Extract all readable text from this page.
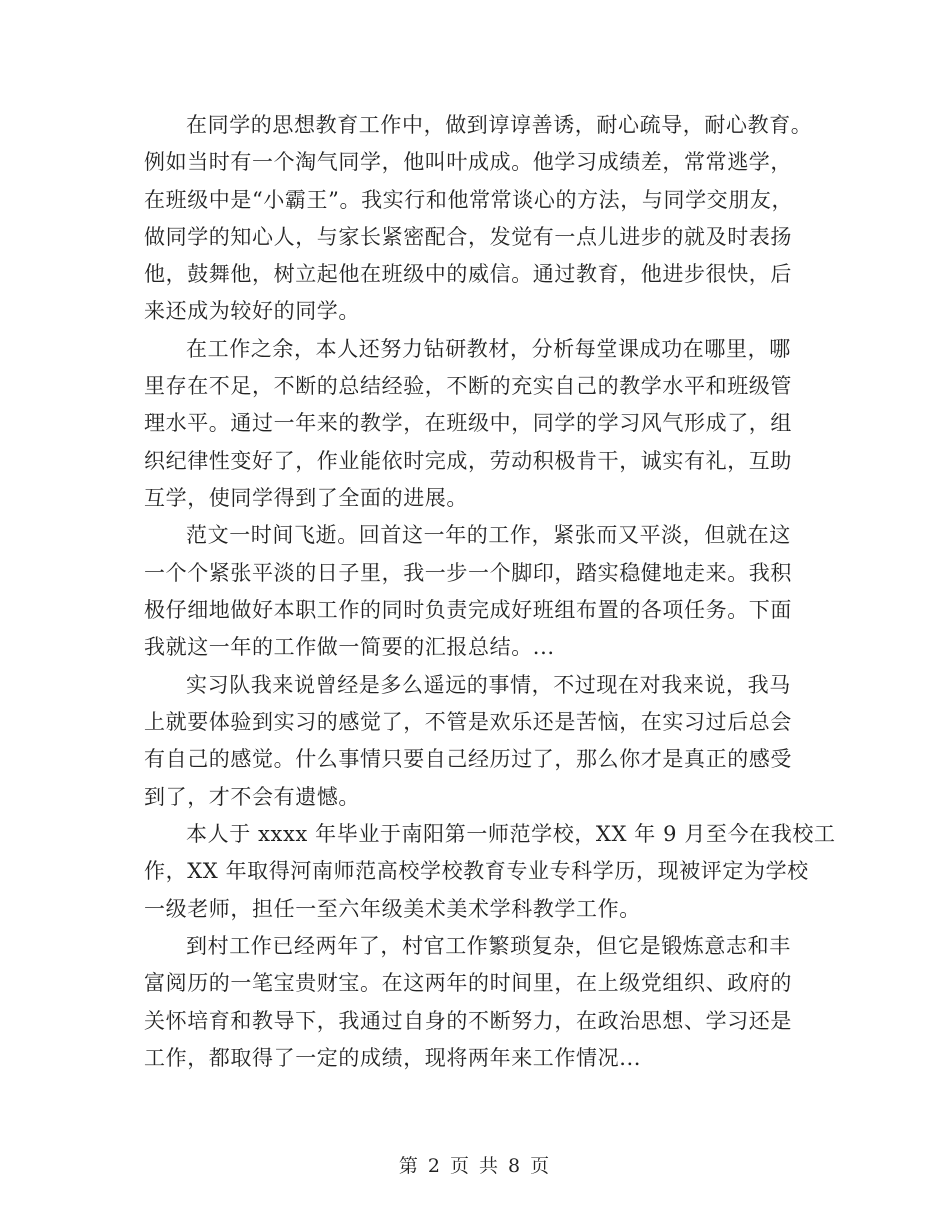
在同学的思想教育工作中，做到谆谆善诱，耐心疏导，耐心教育。
例如当时有一个淘气同学，他叫叶成成。他学习成绩差，常常逃学，
在班级中是“小霸王”。我实行和他常常谈心的方法，与同学交朋友，
做同学的知心人，与家长紧密配合，发觉有一点儿进步的就及时表扬
他，鼓舞他，树立起他在班级中的威信。通过教育，他进步很快，后
来还成为较好的同学。
在工作之余，本人还努力钻研教材，分析每堂课成功在哪里，哪
里存在不足，不断的总结经验，不断的充实自己的教学水平和班级管
理水平。通过一年来的教学，在班级中，同学的学习风气形成了，组
织纪律性变好了，作业能依时完成，劳动积极肯干，诚实有礼，互助
互学，使同学得到了全面的进展。
范文一时间飞逝。回首这一年的工作，紧张而又平淡，但就在这
一个个紧张平淡的日子里，我一步一个脚印，踏实稳健地走来。我积
极仔细地做好本职工作的同时负责完成好班组布置的各项任务。下面
我就这一年的工作做一简要的汇报总结。...
实习队我来说曾经是多么遥远的事情，不过现在对我来说，我马
上就要体验到实习的感觉了，不管是欢乐还是苦恼，在实习过后总会
有自己的感觉。什么事情只要自己经历过了，那么你才是真正的感受
到了，才不会有遗憾。
本人于 xxxx 年毕业于南阳第一师范学校，XX 年 9 月至今在我校工
作，XX 年取得河南师范高校学校教育专业专科学历，现被评定为学校
一级老师，担任一至六年级美术美术学科教学工作。
到村工作已经两年了，村官工作繁琐复杂，但它是锻炼意志和丰
富阅历的一笔宝贵财宝。在这两年的时间里，在上级党组织、政府的
关怀培育和教导下，我通过自身的不断努力，在政治思想、学习还是
工作，都取得了一定的成绩，现将两年来工作情况...
第 2 页 共 8 页
